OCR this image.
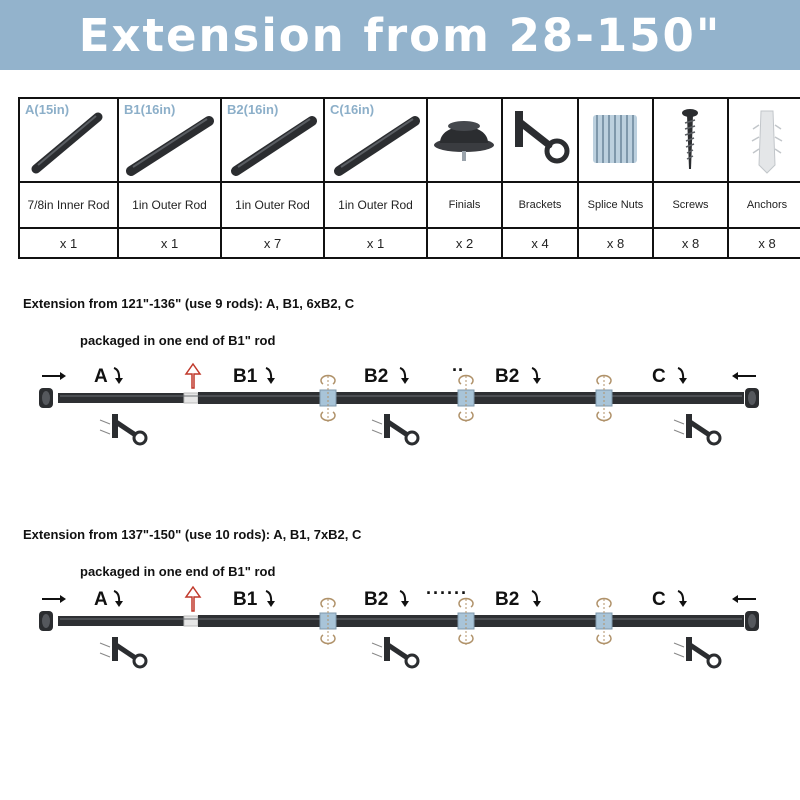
Extension from 28-150"
A(15in)	B1(16in)	B2(16in)	C(16in)

7/8in Inner Rod	1in Outer Rod	1in Outer Rod	1in Outer Rod	Finials	Brackets	Splice Nuts	Screws	Anchors
x 1	x 1	x 7	x 1	x 2	x 4	x 8	x 8	x 8
Extension from 121"-136" (use 9 rods): A, B1, 6xB2, C
packaged in one end of B1" rod
A	B1	B2	B2	C
··
Extension from 137"-150" (use 10 rods): A, B1, 7xB2, C
packaged in one end of B1" rod
A	B1	B2	B2	C
······
